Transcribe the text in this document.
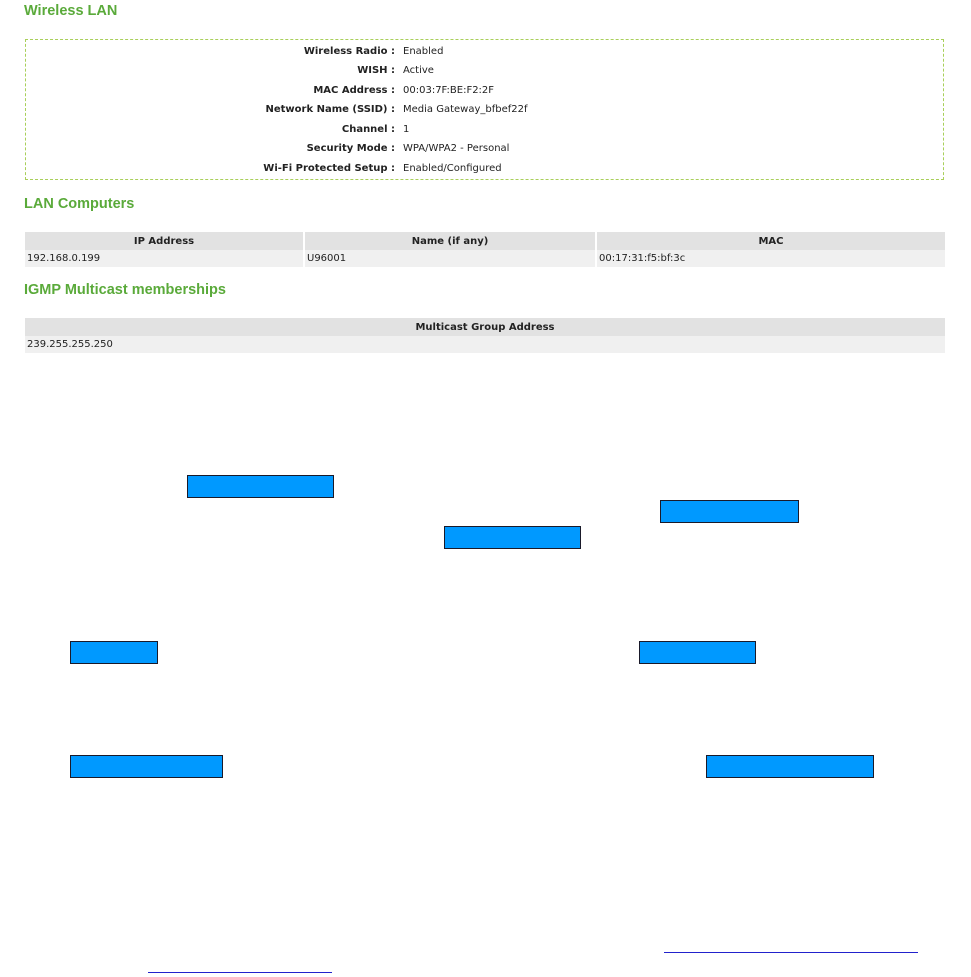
Wireless LAN
Wireless Radio : Enabled
WISH : Active
MAC Address : 00:03:7F:BE:F2:2F
Network Name (SSID) : Media Gateway_bfbef22f
Channel : 1
Security Mode : WPA/WPA2 - Personal
Wi-Fi Protected Setup : Enabled/Configured
LAN Computers
IP Address	Name (if any)	MAC
192.168.0.199	U96001	00:17:31:f5:bf:3c
IGMP Multicast memberships
Multicast Group Address
239.255.255.250
